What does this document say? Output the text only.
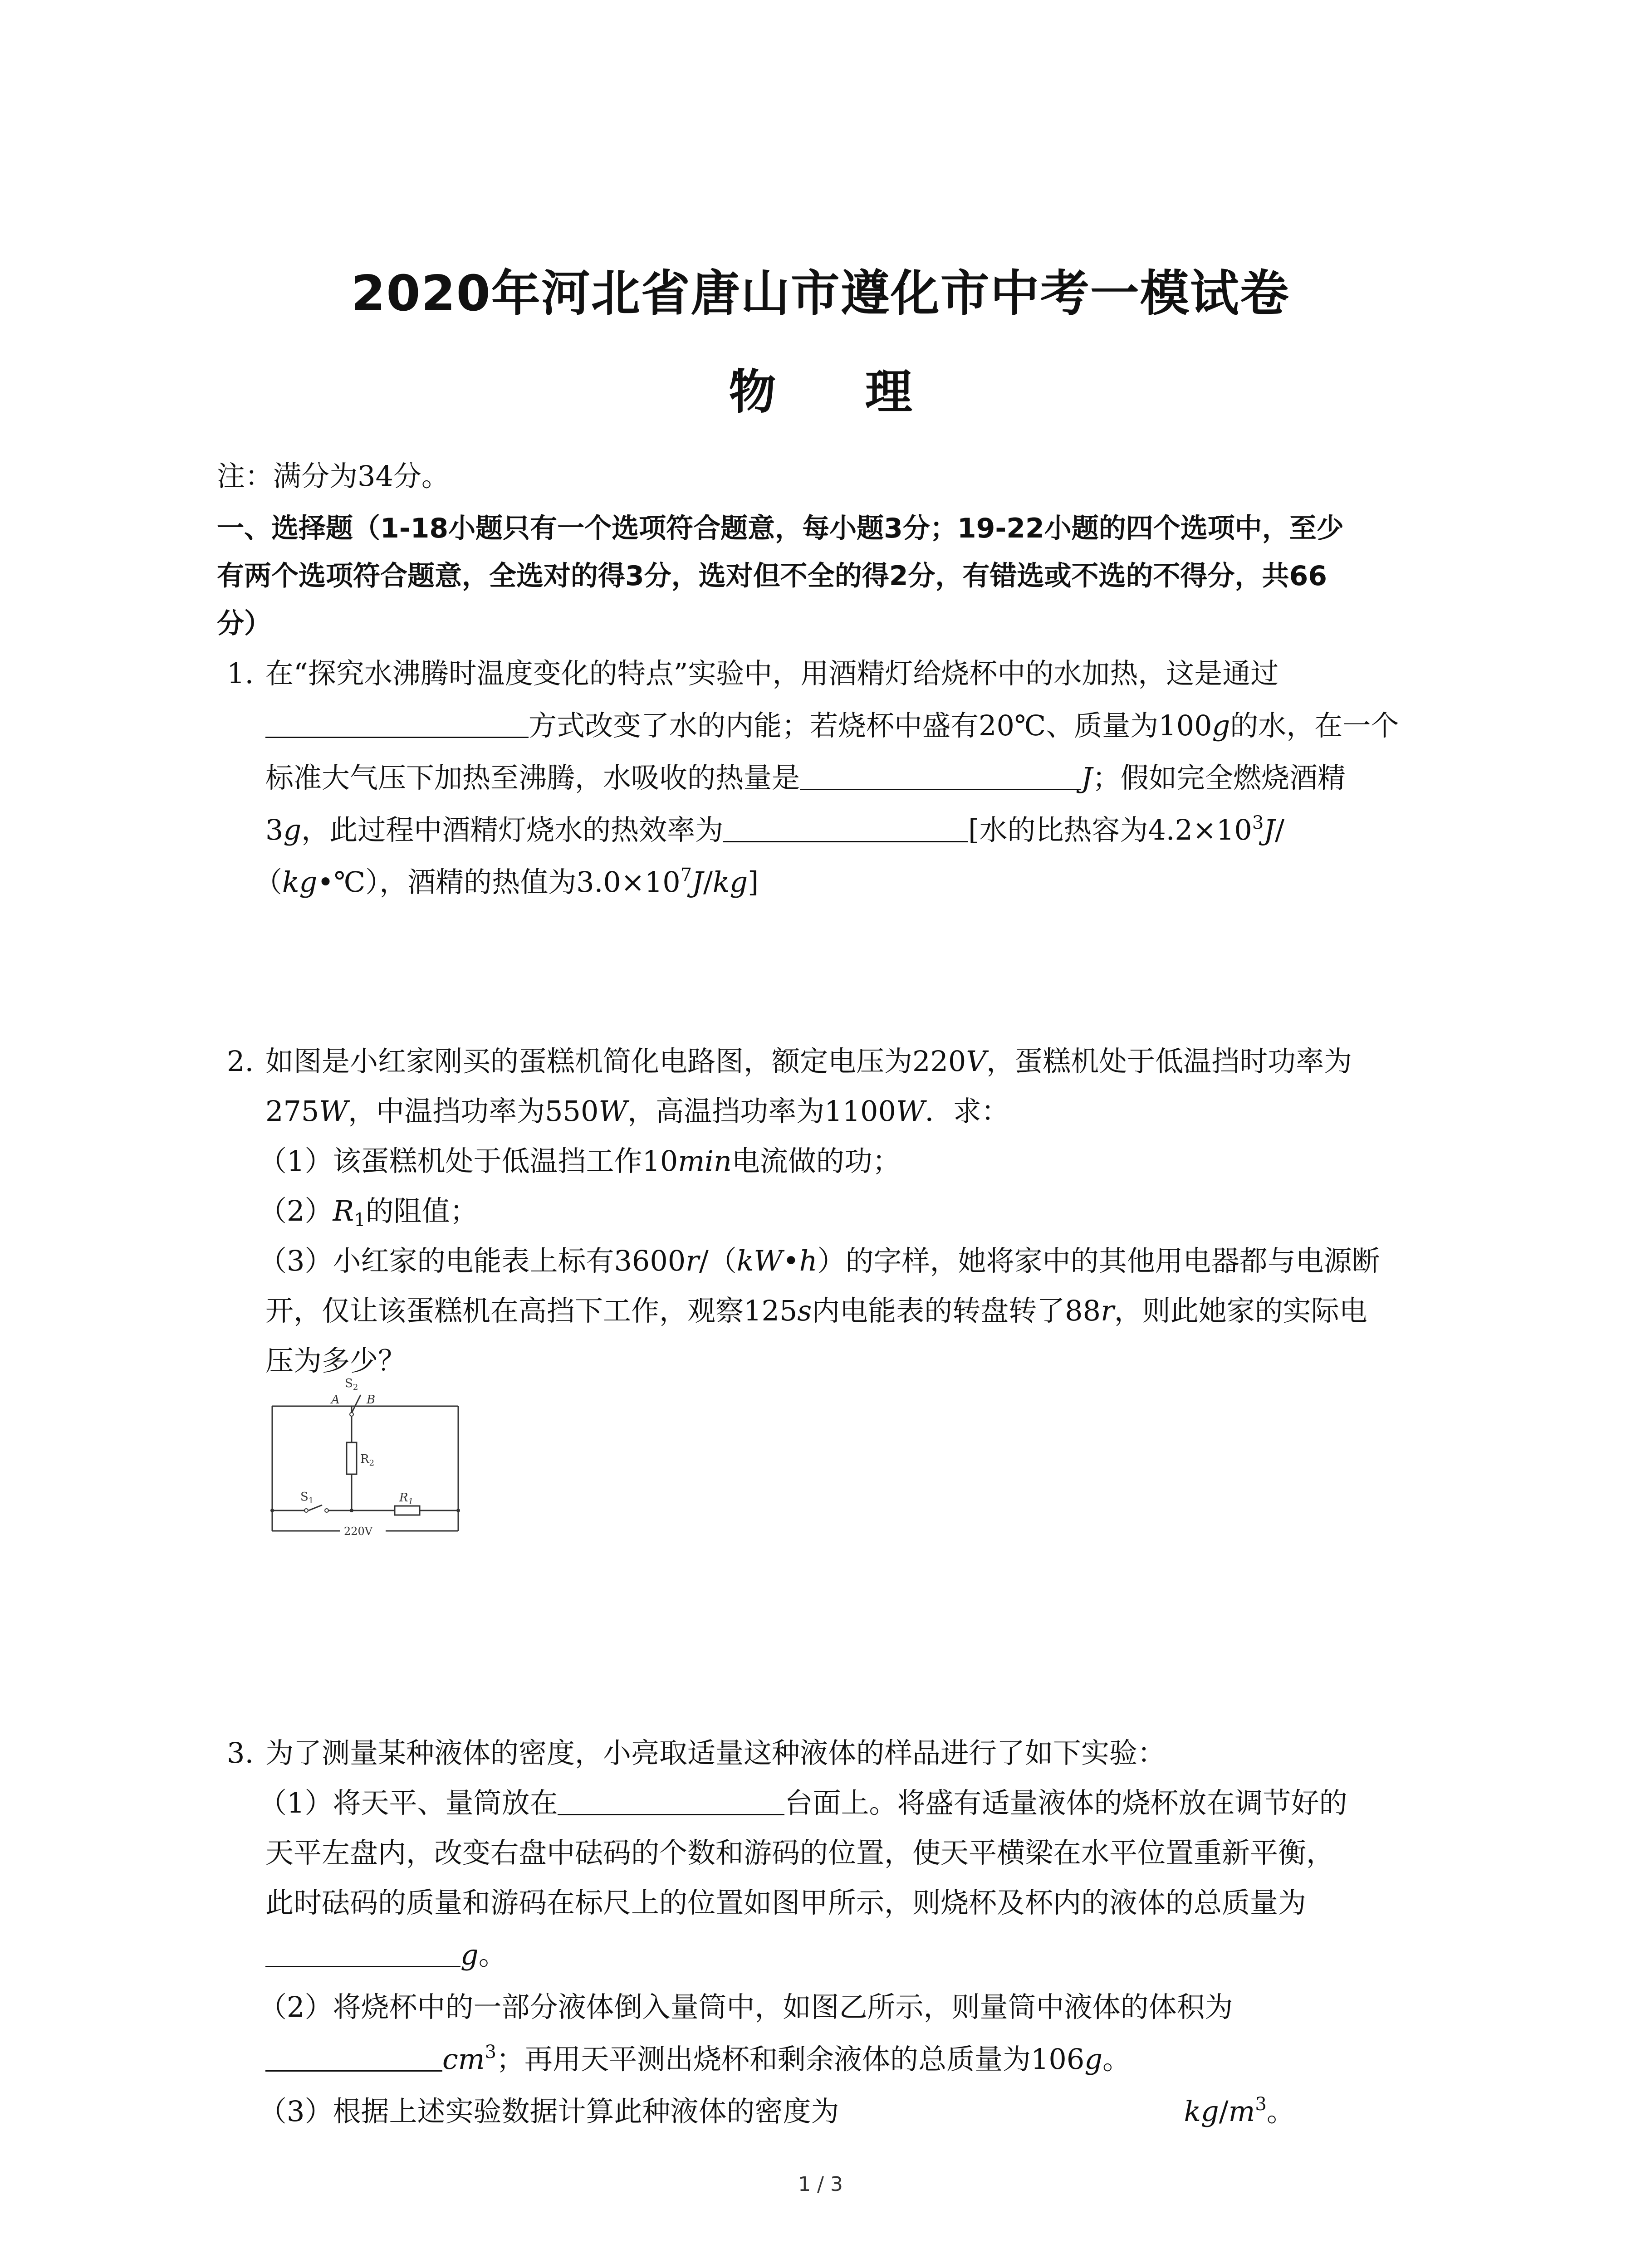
2020年河北省唐山市遵化市中考一模试卷
物 理
注：满分为34分。
一、选择题（1-18小题只有一个选项符合题意，每小题3分；19-22小题的四个选项中，至少
有两个选项符合题意，全选对的得3分，选对但不全的得2分，有错选或不选的不得分，共66
分）
1. 在“探究水沸腾时温度变化的特点”实验中，用酒精灯给烧杯中的水加热，这是通过
方式改变了水的内能；若烧杯中盛有20℃、质量为100g的水，在一个
标准大气压下加热至沸腾，水吸收的热量是	J；假如完全燃烧酒精
3g，此过程中酒精灯烧水的热效率为	[水的比热容为$4.2\times 10^3J/$
（kg•℃），酒精的热值为$3.0\times 10^7J/kg$]
2. 如图是小红家刚买的蛋糕机简化电路图，额定电压为220V，蛋糕机处于低温挡时功率为
275W，中温挡功率为550W，高温挡功率为1100W．求：
（1）该蛋糕机处于低温挡工作10min电流做的功；
$(2)R_1$的阻值；
（3）小红家的电能表上标有3600r/（kW•h）的字样，她将家中的其他用电器都与电源断
开，仅让该蛋糕机在高挡下工作，观察125s内电能表的转盘转了88r，则此她家的实际电
压为多少？
$S_2$
A B
$R_2$
$S_1$	$R_1$
220V
3. 为了测量某种液体的密度，小亮取适量这种液体的样品进行了如下实验：
（1）将天平、量筒放在	台面上。将盛有适量液体的烧杯放在调节好的
天平左盘内，改变右盘中砝码的个数和游码的位置，使天平横梁在水平位置重新平衡，
此时砝码的质量和游码在标尺上的位置如图甲所示，则烧杯及杯内的液体的总质量为
g。
（2）将烧杯中的一部分液体倒入量筒中，如图乙所示，则量筒中液体的体积为
$cm^3$；再用天平测出烧杯和剩余液体的总质量为106g。
（3）根据上述实验数据计算此种液体的密度为	$kg/m^3$。
1 / 3
